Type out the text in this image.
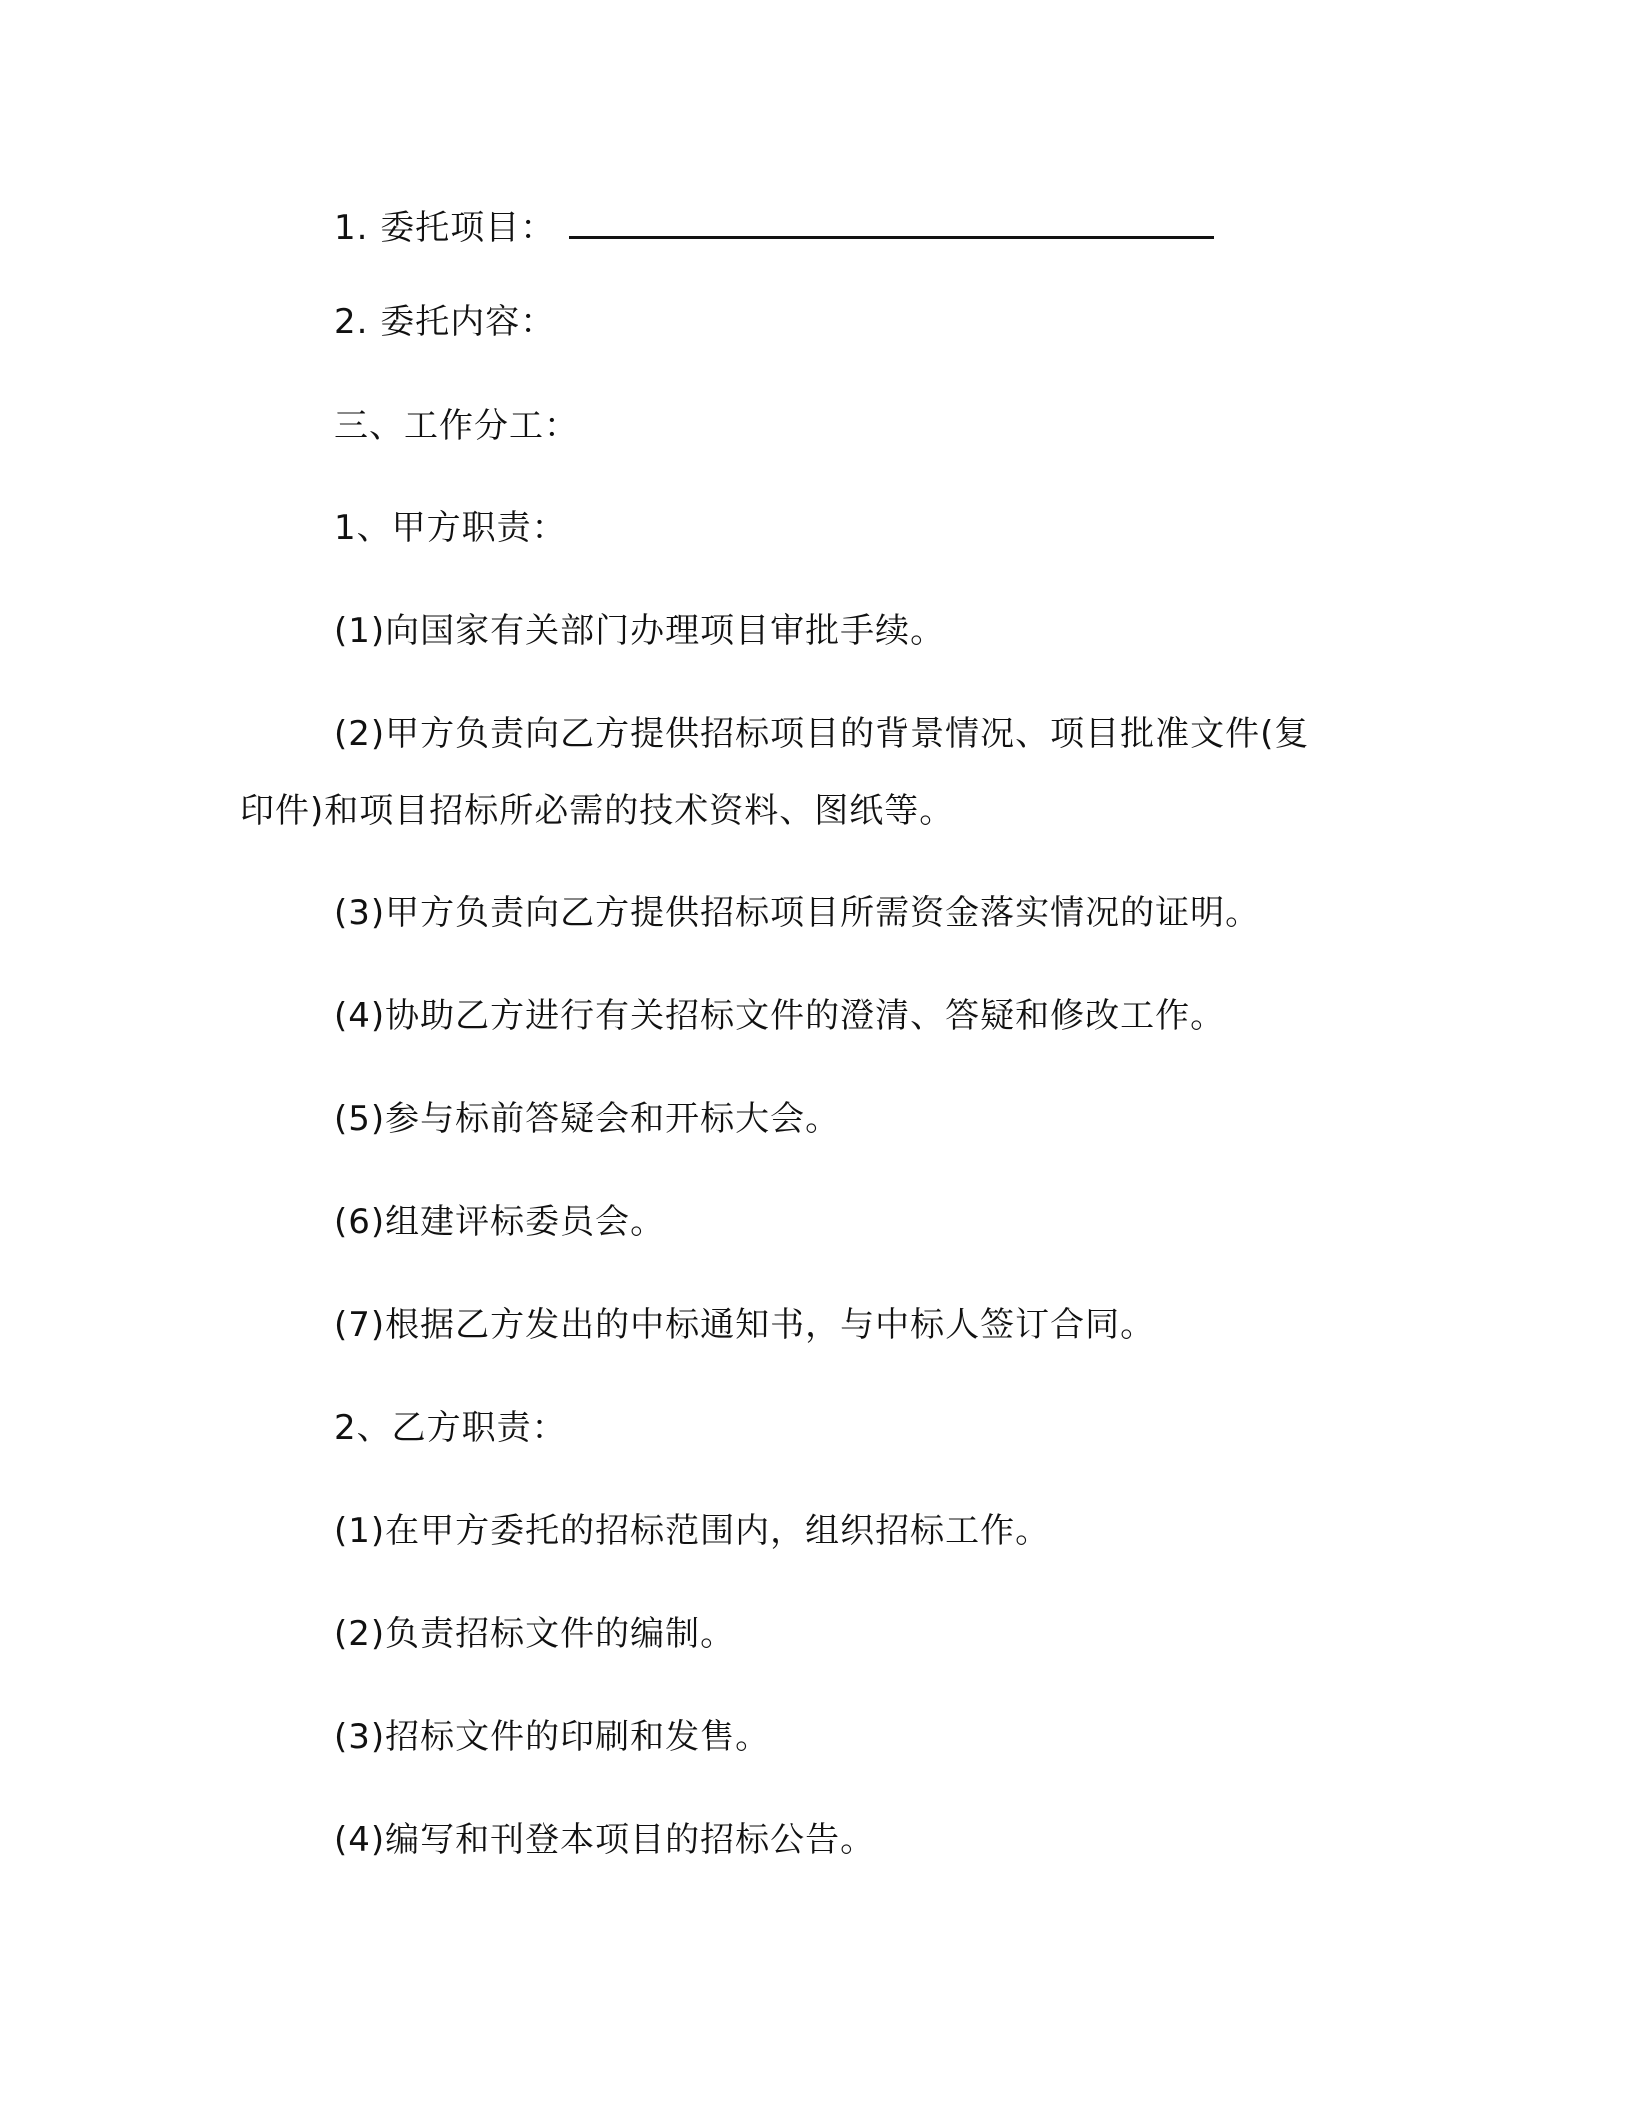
1. 委托项目：
2. 委托内容：
三、工作分工：
1、甲方职责：
(1)向国家有关部门办理项目审批手续。
(2)甲方负责向乙方提供招标项目的背景情况、项目批准文件(复
印件)和项目招标所必需的技术资料、图纸等。
(3)甲方负责向乙方提供招标项目所需资金落实情况的证明。
(4)协助乙方进行有关招标文件的澄清、答疑和修改工作。
(5)参与标前答疑会和开标大会。
(6)组建评标委员会。
(7)根据乙方发出的中标通知书，与中标人签订合同。
2、乙方职责：
(1)在甲方委托的招标范围内，组织招标工作。
(2)负责招标文件的编制。
(3)招标文件的印刷和发售。
(4)编写和刊登本项目的招标公告。
